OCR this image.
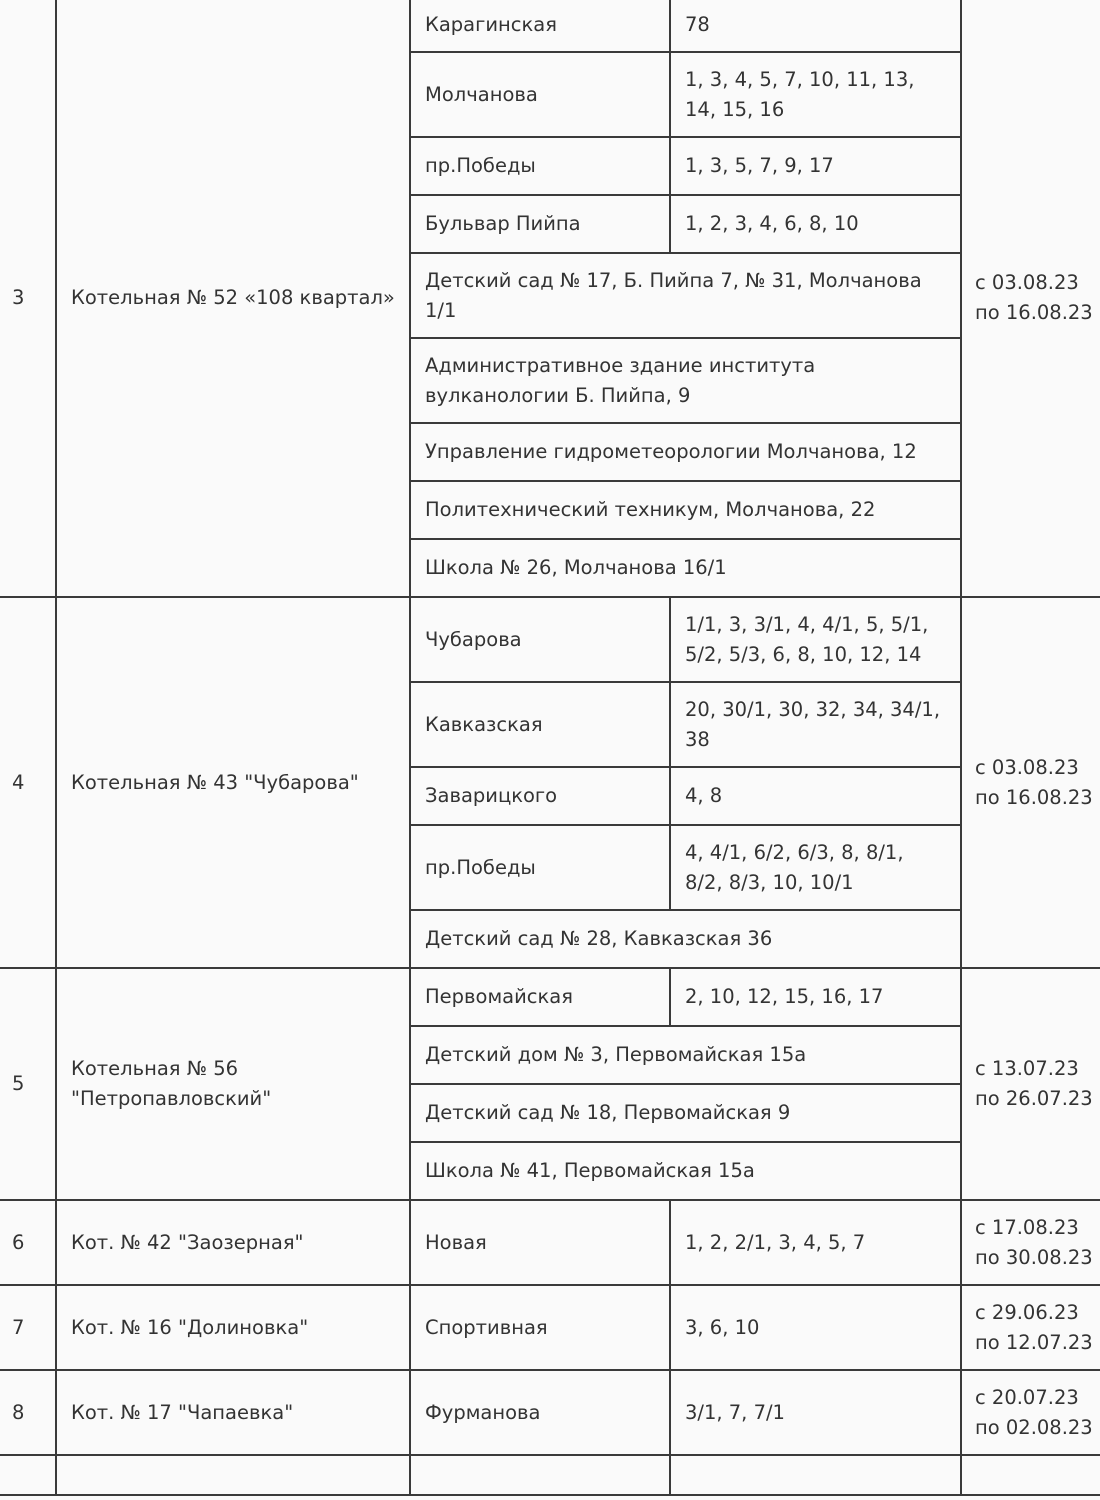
3	Котельная № 52 «108 квартал»	Карагинская	78	с 03.08.23
по 16.08.23

		Молчанова	1, 3, 4, 5, 7, 10, 11, 13, 14, 15, 16	
		пр.Победы	1, 3, 5, 7, 9, 17	
		Бульвар Пийпа	1, 2, 3, 4, 6, 8, 10	
		Детский сад № 17, Б. Пийпа 7, № 31, Молчанова 1/1		
		Административное здание института вулканологии Б. Пийпа, 9		
		Управление гидрометеорологии Молчанова, 12		
		Политехнический техникум, Молчанова, 22		
		Школа № 26, Молчанова 16/1		
4	Котельная № 43 "Чубарова"	Чубарова	1/1, 3, 3/1, 4, 4/1, 5, 5/1, 5/2, 5/3, 6, 8, 10, 12, 14	с 03.08.23
по 16.08.23

		Кавказская	20, 30/1, 30, 32, 34, 34/1, 38	
		Заварицкого	4, 8	
		пр.Победы	4, 4/1, 6/2, 6/3, 8, 8/1, 8/2, 8/3, 10, 10/1	
		Детский сад № 28, Кавказская 36		
5	Котельная № 56 "Петропавловский"	Первомайская	2, 10, 12, 15, 16, 17	с 13.07.23
по 26.07.23

		Детский дом № 3, Первомайская 15а		
		Детский сад № 18, Первомайская 9		
		Школа № 41, Первомайская 15а		
6	Кот. № 42 "Заозерная"	Новая	1, 2, 2/1, 3, 4, 5, 7	с 17.08.23
по 30.08.23

7	Кот. № 16 "Долиновка"	Спортивная	3, 6, 10	с 29.06.23
по 12.07.23

8	Кот. № 17 "Чапаевка"	Фурманова	3/1, 7, 7/1	с 20.07.23
по 02.08.23
